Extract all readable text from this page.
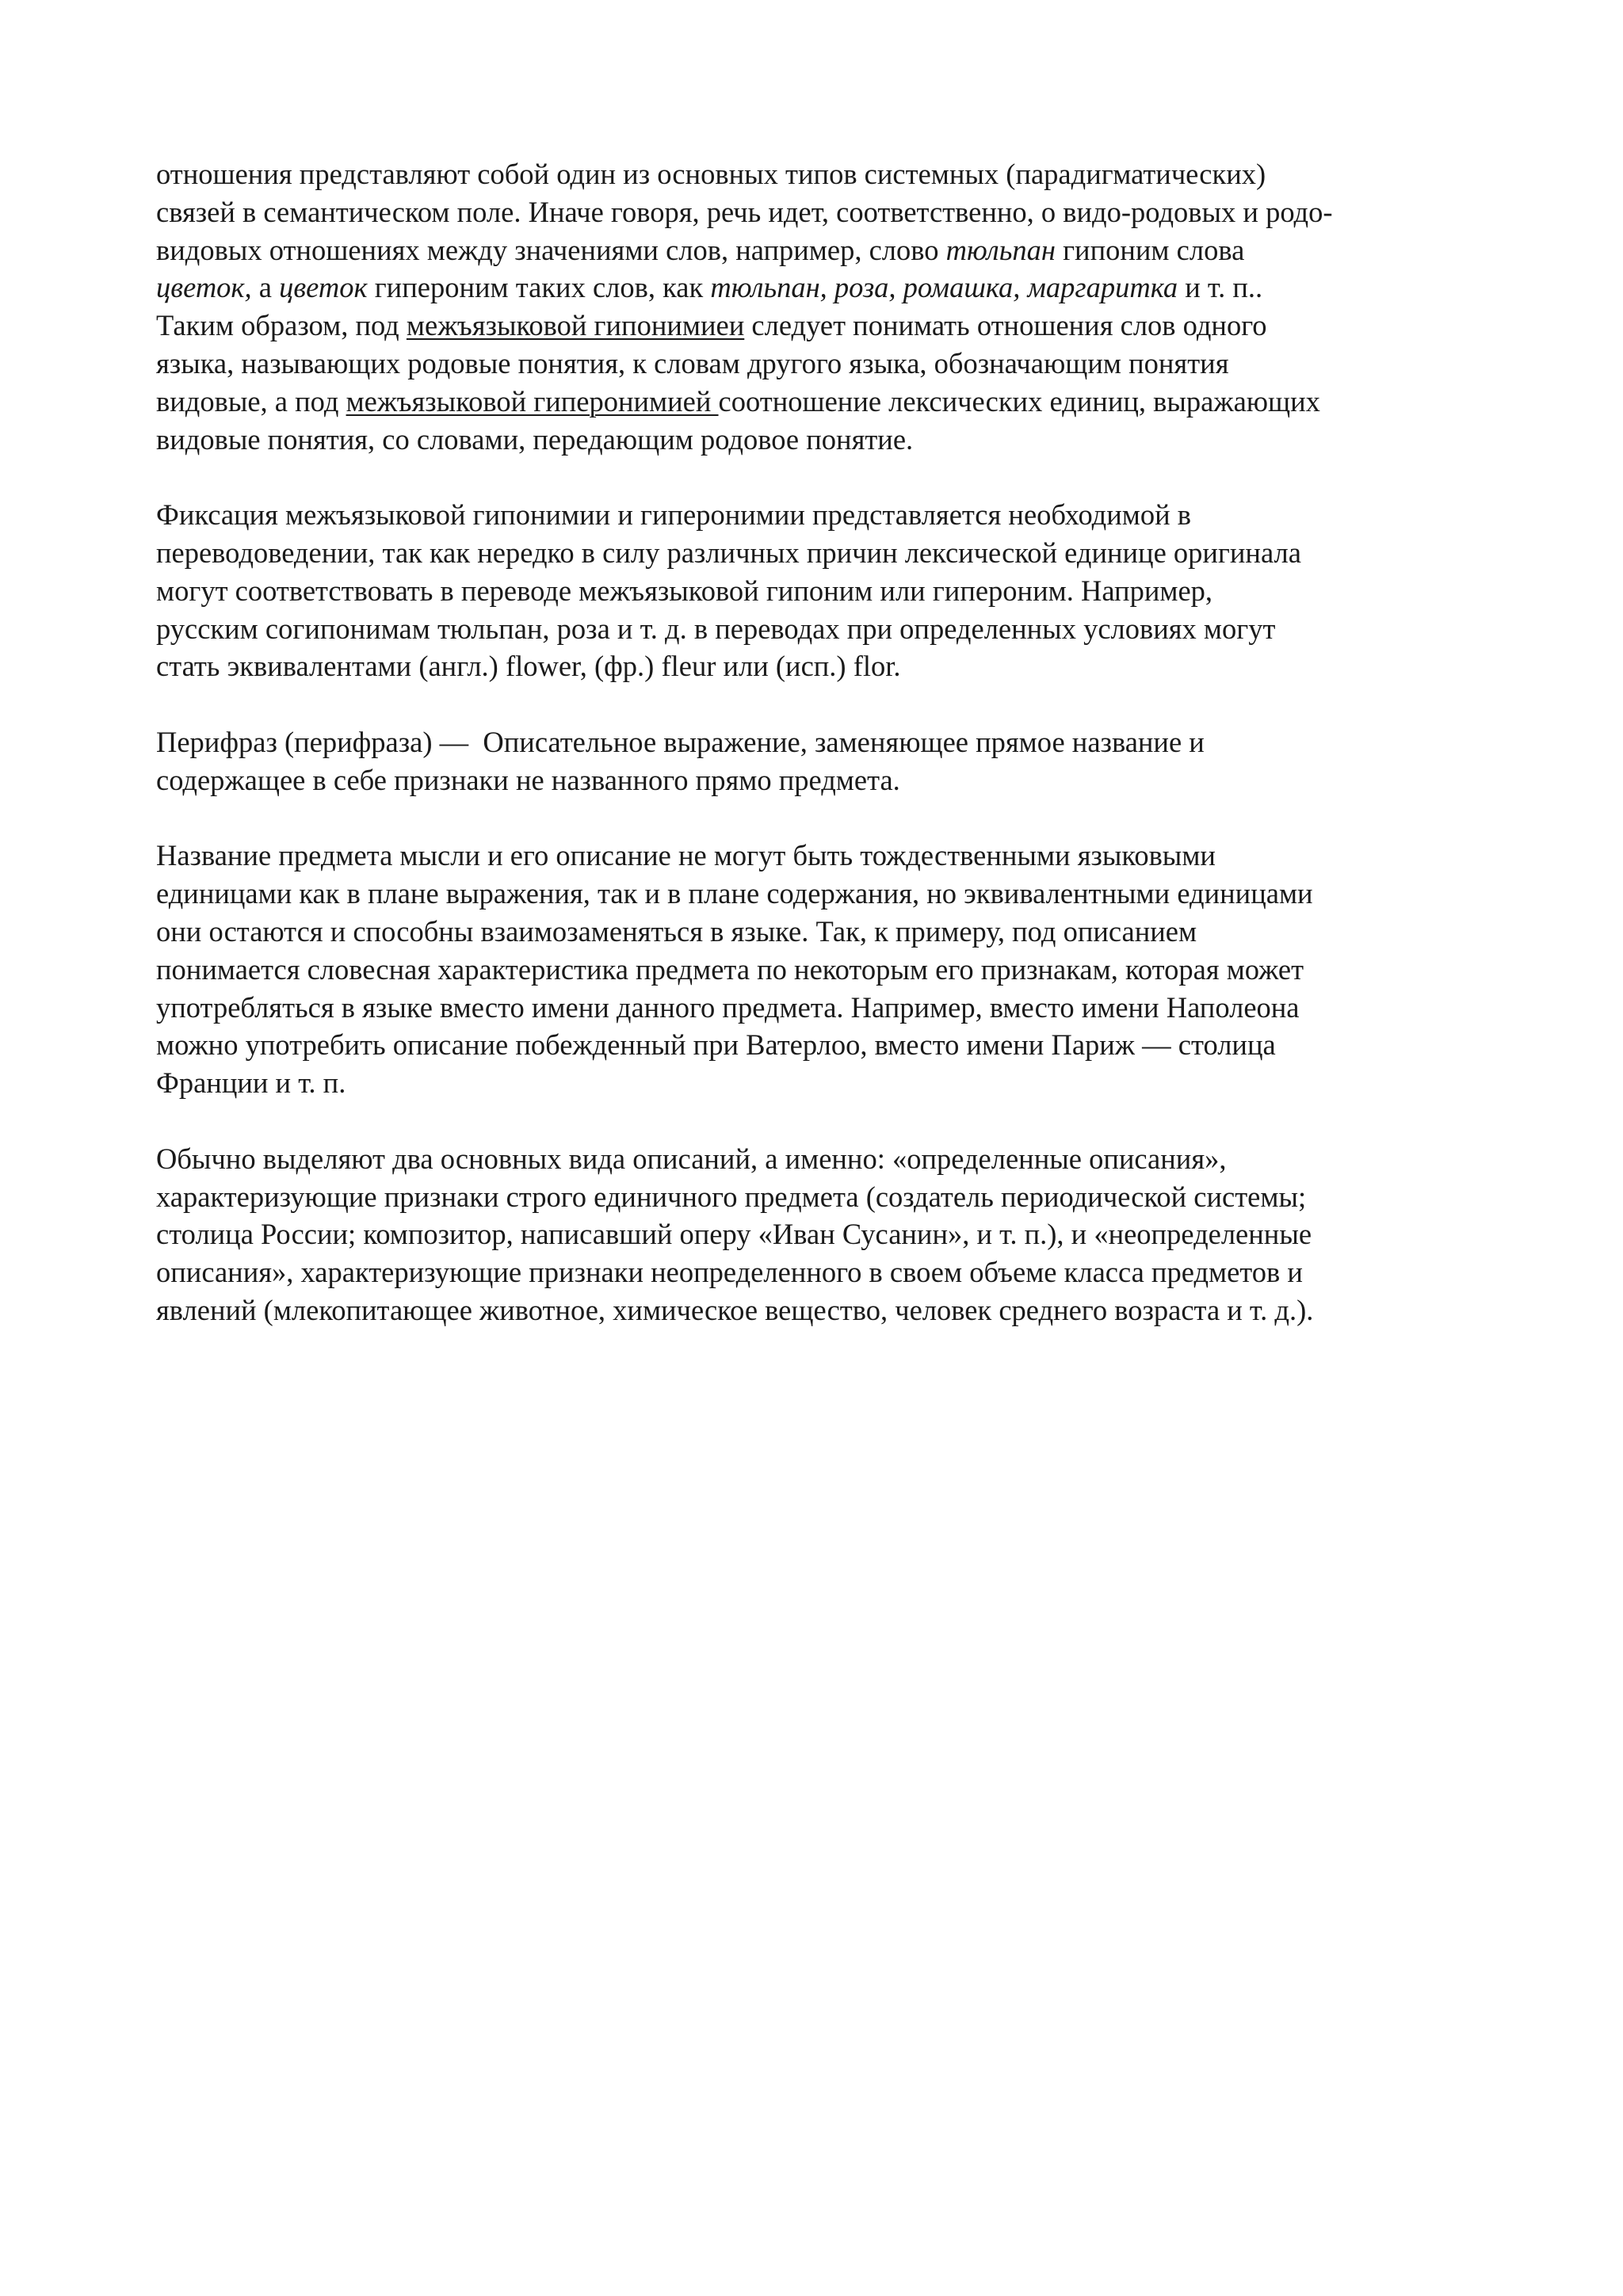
отношения представляют собой один из основных типов системных (парадигматических)
связей в семантическом поле. Иначе говоря, речь идет, соответственно, о видо-родовых и родо-
видовых отношениях между значениями слов, например, слово тюльпан гипоним слова
цветок, а цветок гипероним таких слов, как тюльпан, роза, ромашка, маргаритка и т. п..
Таким образом, под межъязыковой гипонимиеи следует понимать отношения слов одного
языка, называющих родовые понятия, к словам другого языка, обозначающим понятия
видовые, а под межъязыковой гиперонимией соотношение лексических единиц, выражающих
видовые понятия, со словами, передающим родовое понятие.

Фиксация межъязыковой гипонимии и гиперонимии представляется необходимой в
переводоведении, так как нередко в силу различных причин лексической единице оригинала
могут соответствовать в переводе межъязыковой гипоним или гипероним. Например,
русским согипонимам тюльпан, роза и т. д. в переводах при определенных условиях могут
стать эквивалентами (англ.) flower, (фр.) fleur или (исп.) flor.

Перифраз (перифраза) —  Описательное выражение, заменяющее прямое название и
содержащее в себе признаки не названного прямо предмета.

Название предмета мысли и его описание не могут быть тождественными языковыми
единицами как в плане выражения, так и в плане содержания, но эквивалентными единицами
они остаются и способны взаимозаменяться в языке. Так, к примеру, под описанием
понимается словесная характеристика предмета по некоторым его признакам, которая может
употребляться в языке вместо имени данного предмета. Например, вместо имени Наполеона
можно употребить описание побежденный при Ватерлоо, вместо имени Париж — столица
Франции и т. п.

Обычно выделяют два основных вида описаний, а именно: «определенные описания»,
характеризующие признаки строго единичного предмета (создатель периодической системы;
столица России; композитор, написавший оперу «Иван Сусанин», и т. п.), и «неопределенные
описания», характеризующие признаки неопределенного в своем объеме класса предметов и
явлений (млекопитающее животное, химическое вещество, человек среднего возраста и т. д.).
